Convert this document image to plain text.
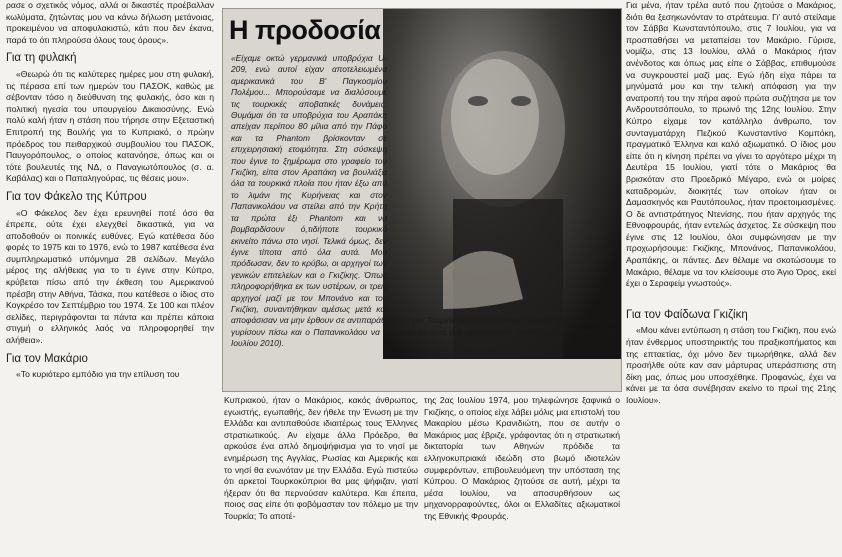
ρασε ο σχετικός νόμος, αλλά οι δικαστές προέβαλλαν κωλύματα, ζητώντας μου να κάνω δήλωση μετάνοιας, προκειμένου να αποφυλακιστώ, κάτι που δεν έκανα, παρά το ότι πληρούσα όλους τους όρους».

Για τη φυλακή

«Θεωρώ ότι τις καλύτερες ημέρες μου στη φυλακή, τις πέρασα επί των ημερών του ΠΑΣΟΚ, καθώς με σέβονταν τόσο η διεύθυνση της φυλακής, όσο και η πολιτική ηγεσία του υπουργείου Δικαιοσύνης. Ενώ πολύ καλή ήταν η στάση που τήρησε στην Εξεταστική Επιτροπή της Βουλής για το Κυπριακό, ο πρώην πρόεδρος του πειθαρχικού συμβουλίου του ΠΑΣΟΚ, Παυγορόπουλος, ο οποίος κατανόησε, όπως και οι τότε βουλευτές της ΝΔ, ο Παναγιωτόπουλος (σ. α. Καβάλας) και ο Παπαληγούρας, τις θέσεις μου».

Για τον Φάκελο της Κύπρου

«Ο Φάκελος δεν έχει ερευνηθεί ποτέ όσο θα έπρεπε, ούτε έχει ελεγχθεί δικαστικά, για να αποδοθούν οι ποινικές ευθύνες. Εγώ κατέθεσα δύο φορές το 1975 και το 1976, ενώ το 1987 κατέθεσα ένα συμπληρωματικό υπόμνημα 28 σελίδων. Μεγάλο μέρος της αλήθειας για το τι έγινε στην Κύπρο, κρύβεται πίσω από την έκθεση του Αμερικανού πρέσβη στην Αθήνα, Τάσκα, που κατέθεσε ο ίδιος στο Κογκρέσο τον Σεπτέμβριο του 1974. Σε 100 και πλέον σελίδες, περιγράφονται τα πάντα και πρέπει κάποια στιγμή ο ελληνικός λαός να πληροφορηθεί την αλήθεια».

Για τον Μακάριο

«Το κυριότερο εμπόδιο για την επίλυση του

Η προδοσία
«Είχαμε οκτώ γερμανικά υποβρύχια U-209, ενώ αυτοί είχαν αποτελειωμένα αμερικανικά του Β' Παγκοσμίου Πολέμου... Μπορούσαμε να διαλύσουμε τις τουρκικές αποβατικές δυνάμεις. Θυμάμαι ότι τα υποβρύχια του Αραπάκη απείχαν περίπου 80 μίλια από την Πάφο και τα Phantom βρίσκονταν σε επιχειρησιακή ετοιμότητα. Στη σύσκεψη που έγινε το ξημέρωμα στο γραφείο του Γκιζίκη, είπα στον Αραπάκη να βουλιάξει όλα τα τουρκικά πλοία που ήταν έξω από το λιμάνι της Κυρήνειας και στον Παπανικολάου να στείλει από την Κρήτη τα πρώτα έξι Phantom και να βομβαρδίσουν ό,τιδήποτε τουρκικό εκινείτο πάνω στο νησί. Τελικά όμως, δεν έγινε τίποτα από όλα αυτά. Μου πρόδωσαν, δεν το κρύβω, οι αρχηγοί των γενικών επιτελείων και ο Γκιζίκης. Όπως πληροφορήθηκα εκ των υστέρων, οι τρεις αρχηγοί μαζί με τον Μπονάνο και τον Γκιζίκη, συναντήθηκαν αμέσως μετά και αποφάσισαν να μην έρθουν σε αντιπαράθεση με την Τουρκία, ενώ ο Αραπάκης διέταξε τα υποβρύχια να γυρίσουν πίσω και ο Παπανικολάου να μη σηκωθεί ούτε ένα αεροπλάνο». («Αδέσμευτος Τύπος», 25 Ιουλίου 2010).

Κυπριακού, ήταν ο Μακάριος, κακός άνθρωπος, εγωιστής, εγωπαθής, δεν ήθελε την Ένωση με την Ελλάδα και αντιπαθούσε ιδιαιτέρως τους Έλληνες στρατιωτικούς. Αν είχαμε άλλο Πρόεδρο, θα αρκούσε ένα απλό δημοψήφισμα για το νησί με ενημέρωση της Αγγλίας, Ρωσίας και Αμερικής και το νησί θα ενωνόταν με την Ελλάδα. Εγώ πιστεύω ότι αρκετοί Τουρκοκύπριοι θα μας ψήφιζαν, γιατί ήξεραν ότι θα περνούσαν καλύτερα. Και έπειτα, ποιος σας είπε ότι φοβόμασταν τον πόλεμο με την Τουρκία; Το αποτέ-

της 2ας Ιουλίου 1974, μου τηλεφώνησε ξαφνικά ο Γκιζίκης, ο οποίος είχε λάβει μόλις μια επιστολή του Μακαρίου μέσω Κρανιδιώτη, που σε αυτήν ο Μακάριος μας έβριζε, γράφοντας ότι η στρατιωτική δικτατορία των Αθηνών πρόδιδε τα ελληνοκυπριακά ιδεώδη στο βωμό ιδιοτελών συμφερόντων, επιβουλευόμενη την υπόσταση της Κύπρου. Ο Μακάριος ζητούσε σε αυτή, μέχρι τα μέσα Ιουλίου, να αποσυρθήσουν ως μηχανορραφούντες, όλοι οι Ελλαδίτες αξιωματικοί της Εθνικής Φρουράς.

Για μένα, ήταν τρέλα αυτό που ζητούσε ο Μακάριος, διότι θα ξεσηκωνόνταν το στράτευμα. Γι' αυτό στείλαμε τον Σάββα Κωνσταντόπουλο, στις 7 Ιουλίου, για να προσπαθήσει να μεταπείσει τον Μακάριο. Γύρισε, νομίζω, στις 13 Ιουλίου, αλλά ο Μακάριος ήταν ανένδοτος και όπως μας είπε ο Σάββας, επιθυμούσε να συγκρουστεί μαζί μας. Εγώ ήδη είχα πάρει τα μηνύματά μου και την τελική απόφαση για την ανατροπή του την πήρα αφού πρώτα συζήτησα με τον Ανδρουτσόπουλο, το πρωινό της 12ης Ιουλίου. Στην Κύπρο είχαμε τον κατάλληλο άνθρωπο, τον συνταγματάρχη Πεζικού Κωνσταντίνο Κομπόκη, πραγματικό Έλληνα και καλό αξιωματικό. Ο ίδιος μου είπε ότι η κίνηση πρέπει να γίνει το αργότερο μέχρι τη Δευτέρα 15 Ιουλίου, γιατί τότε ο Μακάριος θα βρισκόταν στο Προεδρικό Μέγαρο, ενώ οι μοίρες καταδρομών, διοικητές των οποίων ήταν οι Δαμασκηνός και Ραυτόπουλος, ήταν προετοιμασμένες. Ο δε αντιστράτηγος Ντενίσης, που ήταν αρχηγός της Εθνοφρουράς, ήταν εντελώς άσχετος. Σε σύσκεψη που έγινε στις 12 Ιουλίου, όλοι συμφώνησαν με την προχωρήσουμε: Γκιζίκης, Μπονάνος, Παπανικολάου, Αραπάκης, οι πάντες. Δεν θέλαμε να σκοτώσουμε το Μακάριο, θέλαμε να τον κλείσουμε στο Άγιο Όρος, εκεί έχει ο Σεραφείμ γνωστούς».

Για τον Φαίδωνα Γκιζίκη

«Μου κάνει εντύπωση η στάση του Γκιζίκη, που ενώ ήταν ένθερμος υποστηρικτής του πραξικοπήματος και της επταετίας, όχι μόνο δεν τιμωρήθηκε, αλλά δεν προσήλθε ούτε καν σαν μάρτυρας υπεράσπισης στη δίκη μας, όπως μου υποσχέθηκε. Προφανώς, έχει να κάνει με τα όσα συνέβησαν εκείνο το πρωί της 21ης Ιουλίου».
